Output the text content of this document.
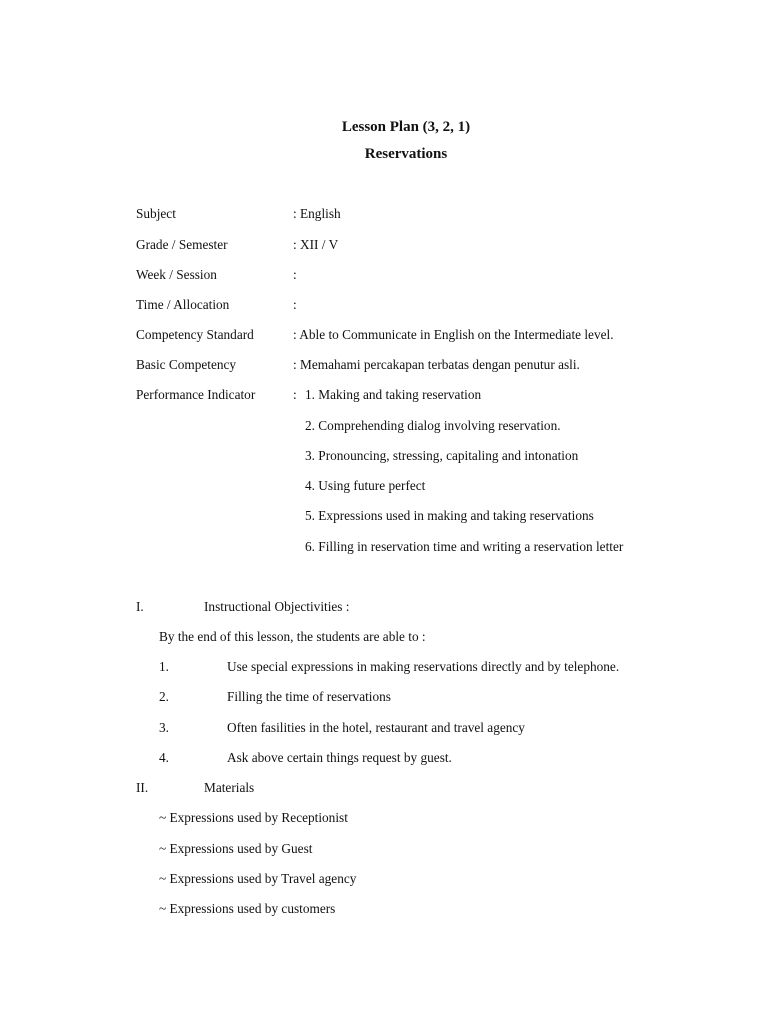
Lesson Plan (3, 2, 1)
Reservations
Subject	: English
Grade / Semester	: XII / V
Week / Session	:
Time / Allocation	:
Competency Standard	: Able to Communicate in English on the Intermediate level.
Basic Competency	: Memahami percakapan terbatas dengan penutur asli.
Performance Indicator	: 1. Making and taking reservation
2. Comprehending dialog involving reservation.
3. Pronouncing, stressing, capitaling and intonation
4. Using future perfect
5. Expressions used in making and taking reservations
6. Filling in reservation time and writing a reservation letter
I.	Instructional Objectivities :
By the end of this lesson, the students are able to :
1.	Use special expressions in making reservations directly and by telephone.
2.	Filling the time of reservations
3.	Often fasilities in the hotel, restaurant and travel agency
4.	Ask above certain things request by guest.
II.	Materials
~ Expressions used by Receptionist
~ Expressions used by Guest
~ Expressions used by Travel agency
~ Expressions used by customers
